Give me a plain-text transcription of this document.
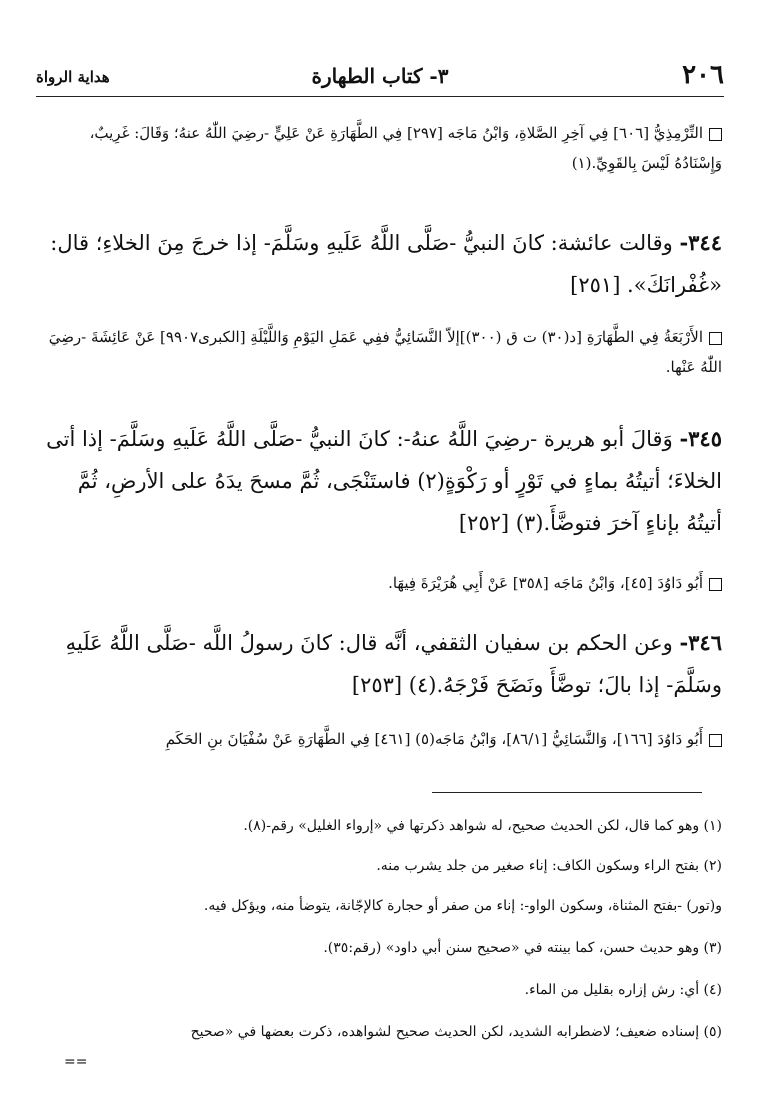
٢٠٦
٣- كتاب الطهارة
هداية الرواة
التِّرْمِذِيُّ [٦٠٦] فِي آخِرِ الصَّلاةِ، وَابْنُ مَاجَه [٢٩٧] فِي الطَّهَارَةِ عَنْ عَلِيٍّ -رضِيَ اللّٰهُ عنهُ؛ وَقَالَ: غَرِيبٌ، وَإِسْنَادُهُ لَيْسَ بِالقَوِيِّ.(١)
٣٤٤- وقالت عائشة: كانَ النبيُّ -صَلَّى اللَّهُ عَلَيهِ وسَلَّمَ- إذا خرجَ مِنَ الخلاءِ؛ قال: «غُفْرانَكَ». [٢٥١]
الأَرْبَعَةُ فِي الطَّهَارَةِ [د(٣٠) ت ق (٣٠٠)]إلاّ النَّسَائِيُّ ففِي عَمَلِ اليَوْمِ وَاللَّيْلَةِ [الكبرى٩٩٠٧] عَنْ عَائِشَةَ -رضِيَ اللّٰهُ عَنْها.
٣٤٥- وَقالَ أبو هريرة -رضِيَ اللَّهُ عنهُ-: كانَ النبيُّ -صَلَّى اللَّهُ عَلَيهِ وسَلَّمَ- إذا أتى الخلاءَ؛ أتيتُهُ بماءٍ في تَوْرٍ أو رَكْوَةٍ(٢) فاستَنْجَى، ثُمَّ مسحَ يدَهُ على الأرضِ، ثُمَّ أتيتُهُ بإناءٍ آخرَ فتوضَّأَ.(٣) [٢٥٢]
أَبُو دَاوُدَ [٤٥]، وَابْنُ مَاجَه [٣٥٨] عَنْ أَبِي هُرَيْرَةَ فِيهَا.
٣٤٦- وعن الحكم بن سفيان الثقفي، أنَّه قال: كانَ رسولُ اللَّه -صَلَّى اللَّهُ عَلَيهِ وسَلَّمَ- إذا بالَ؛ توضَّأَ ونَضَحَ فَرْجَهُ.(٤) [٢٥٣]
أَبُو دَاوُدَ [١٦٦]، وَالنَّسَائِيُّ [٨٦/١]، وَابْنُ مَاجَه(٥) [٤٦١] فِي الطَّهَارَةِ عَنْ سُفْيَانَ بنِ الحَكَمِ
(١) وهو كما قال، لكن الحديث صحيح، له شواهد ذكرتها في «إرواء الغليل» رقم-(٨).
(٢) بفتح الراء وسكون الكاف: إناء صغير من جلد يشرب منه.
و(تور) -بفتح المثناة، وسكون الواو-: إناء من صفر أو حجارة كالإجّانة، يتوضأ منه، ويؤكل فيه.
(٣) وهو حديث حسن، كما بينته في «صحيح سنن أبي داود» (رقم:٣٥).
(٤) أي: رش إزاره بقليل من الماء.
(٥) إسناده ضعيف؛ لاضطرابه الشديد، لكن الحديث صحيح لشواهده، ذكرت بعضها في «صحيح
==
